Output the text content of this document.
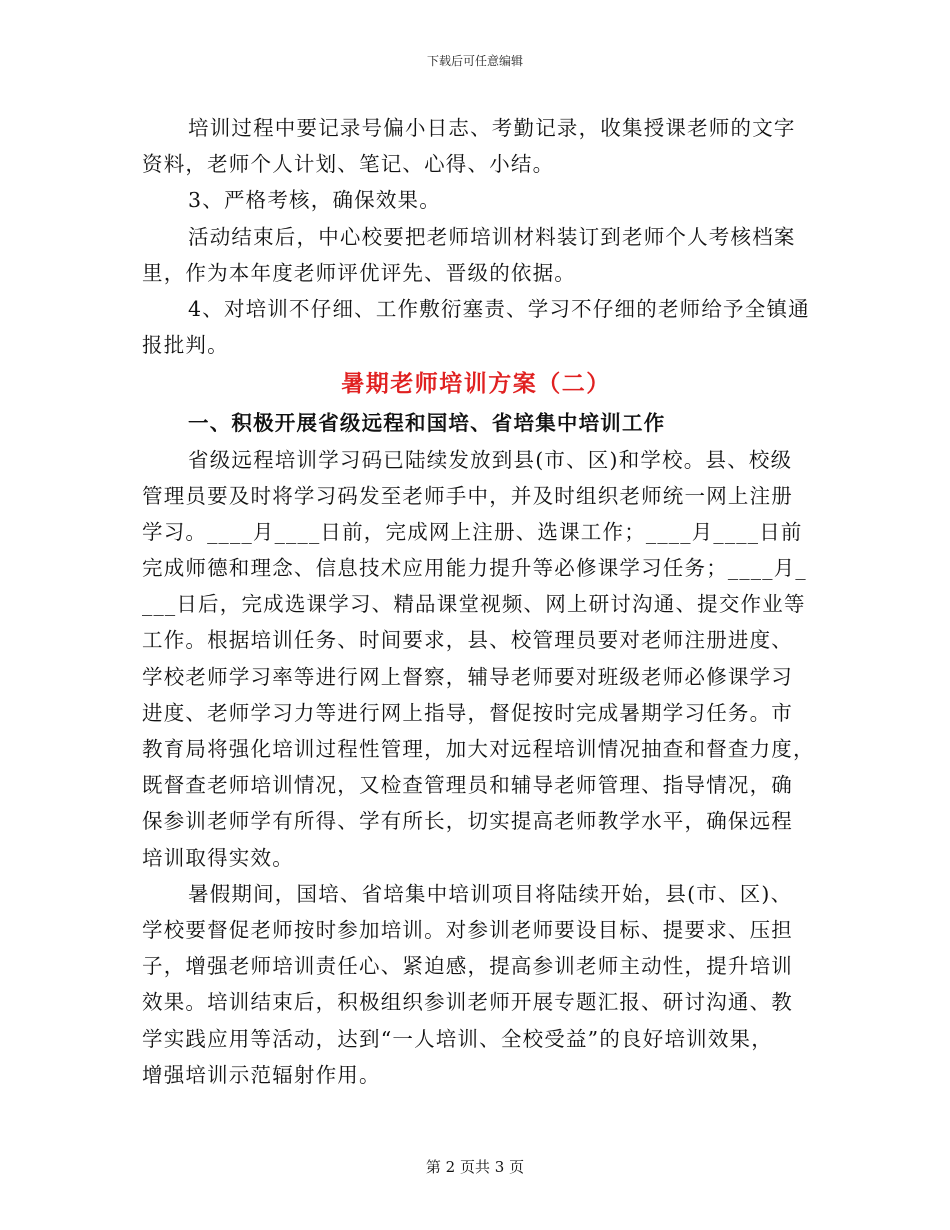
下载后可任意编辑
培训过程中要记录号偏小日志、考勤记录，收集授课老师的文字
资料，老师个人计划、笔记、心得、小结。
3、严格考核，确保效果。
活动结束后，中心校要把老师培训材料装订到老师个人考核档案
里，作为本年度老师评优评先、晋级的依据。
4、对培训不仔细、工作敷衍塞责、学习不仔细的老师给予全镇通
报批判。
暑期老师培训方案（二）
一、积极开展省级远程和国培、省培集中培训工作
省级远程培训学习码已陆续发放到县(市、区)和学校。县、校级
管理员要及时将学习码发至老师手中，并及时组织老师统一网上注册
学习。____月____日前，完成网上注册、选课工作；____月____日前
完成师德和理念、信息技术应用能力提升等必修课学习任务；____月_
___日后，完成选课学习、精品课堂视频、网上研讨沟通、提交作业等
工作。根据培训任务、时间要求，县、校管理员要对老师注册进度、
学校老师学习率等进行网上督察，辅导老师要对班级老师必修课学习
进度、老师学习力等进行网上指导，督促按时完成暑期学习任务。市
教育局将强化培训过程性管理，加大对远程培训情况抽查和督查力度，
既督查老师培训情况，又检查管理员和辅导老师管理、指导情况，确
保参训老师学有所得、学有所长，切实提高老师教学水平，确保远程
培训取得实效。
暑假期间，国培、省培集中培训项目将陆续开始，县(市、区)、
学校要督促老师按时参加培训。对参训老师要设目标、提要求、压担
子，增强老师培训责任心、紧迫感，提高参训老师主动性，提升培训
效果。培训结束后，积极组织参训老师开展专题汇报、研讨沟通、教
学实践应用等活动，达到“一人培训、全校受益”的良好培训效果，
增强培训示范辐射作用。
第 2 页共 3 页
